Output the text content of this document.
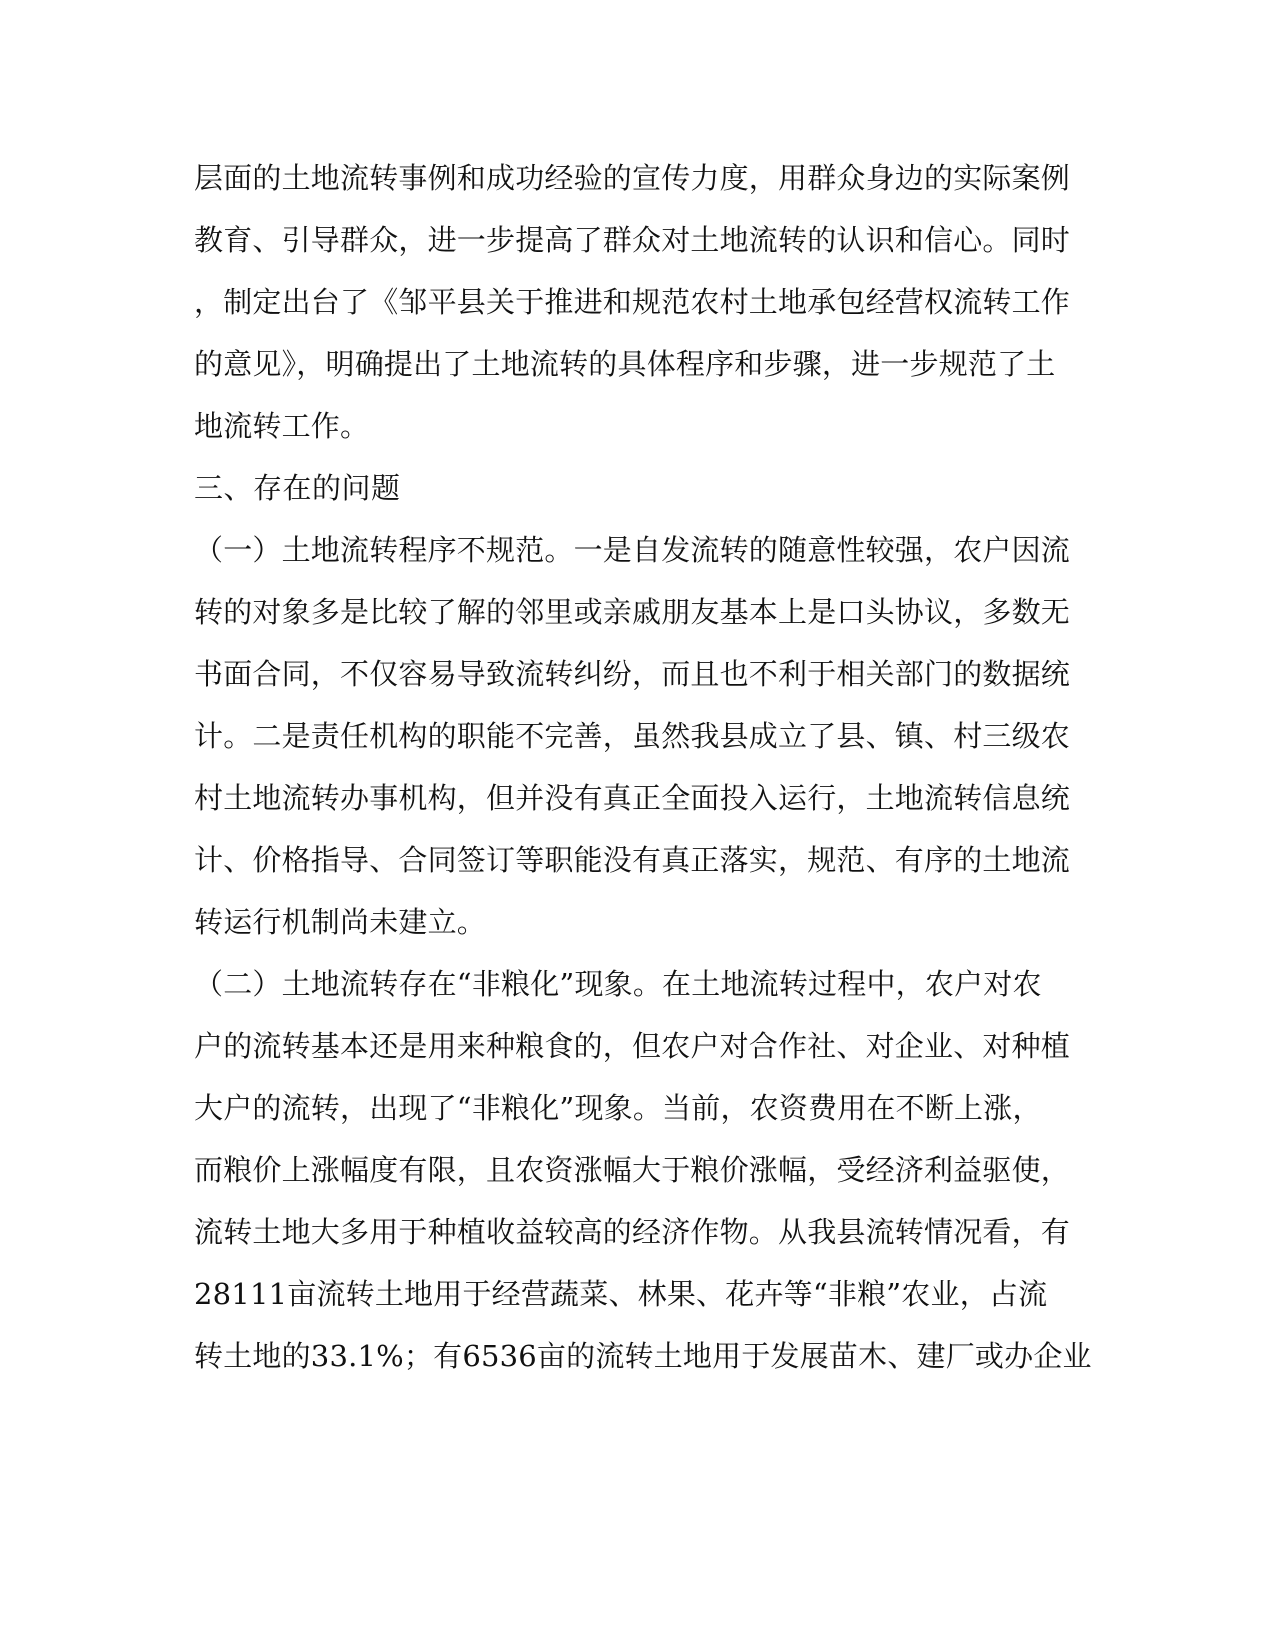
层面的土地流转事例和成功经验的宣传力度，用群众身边的实际案例
教育、引导群众，进一步提高了群众对土地流转的认识和信心。同时
，制定出台了《邹平县关于推进和规范农村土地承包经营权流转工作
的意见》，明确提出了土地流转的具体程序和步骤，进一步规范了土
地流转工作。
三、存在的问题
（一）土地流转程序不规范。一是自发流转的随意性较强，农户因流
转的对象多是比较了解的邻里或亲戚朋友基本上是口头协议，多数无
书面合同，不仅容易导致流转纠纷，而且也不利于相关部门的数据统
计。二是责任机构的职能不完善，虽然我县成立了县、镇、村三级农
村土地流转办事机构，但并没有真正全面投入运行，土地流转信息统
计、价格指导、合同签订等职能没有真正落实，规范、有序的土地流
转运行机制尚未建立。
（二）土地流转存在“非粮化”现象。在土地流转过程中，农户对农
户的流转基本还是用来种粮食的，但农户对合作社、对企业、对种植
大户的流转，出现了“非粮化”现象。当前，农资费用在不断上涨，
而粮价上涨幅度有限，且农资涨幅大于粮价涨幅，受经济利益驱使，
流转土地大多用于种植收益较高的经济作物。从我县流转情况看，有
28111亩流转土地用于经营蔬菜、林果、花卉等“非粮”农业，占流
转土地的33.1%；有6536亩的流转土地用于发展苗木、建厂或办企业
